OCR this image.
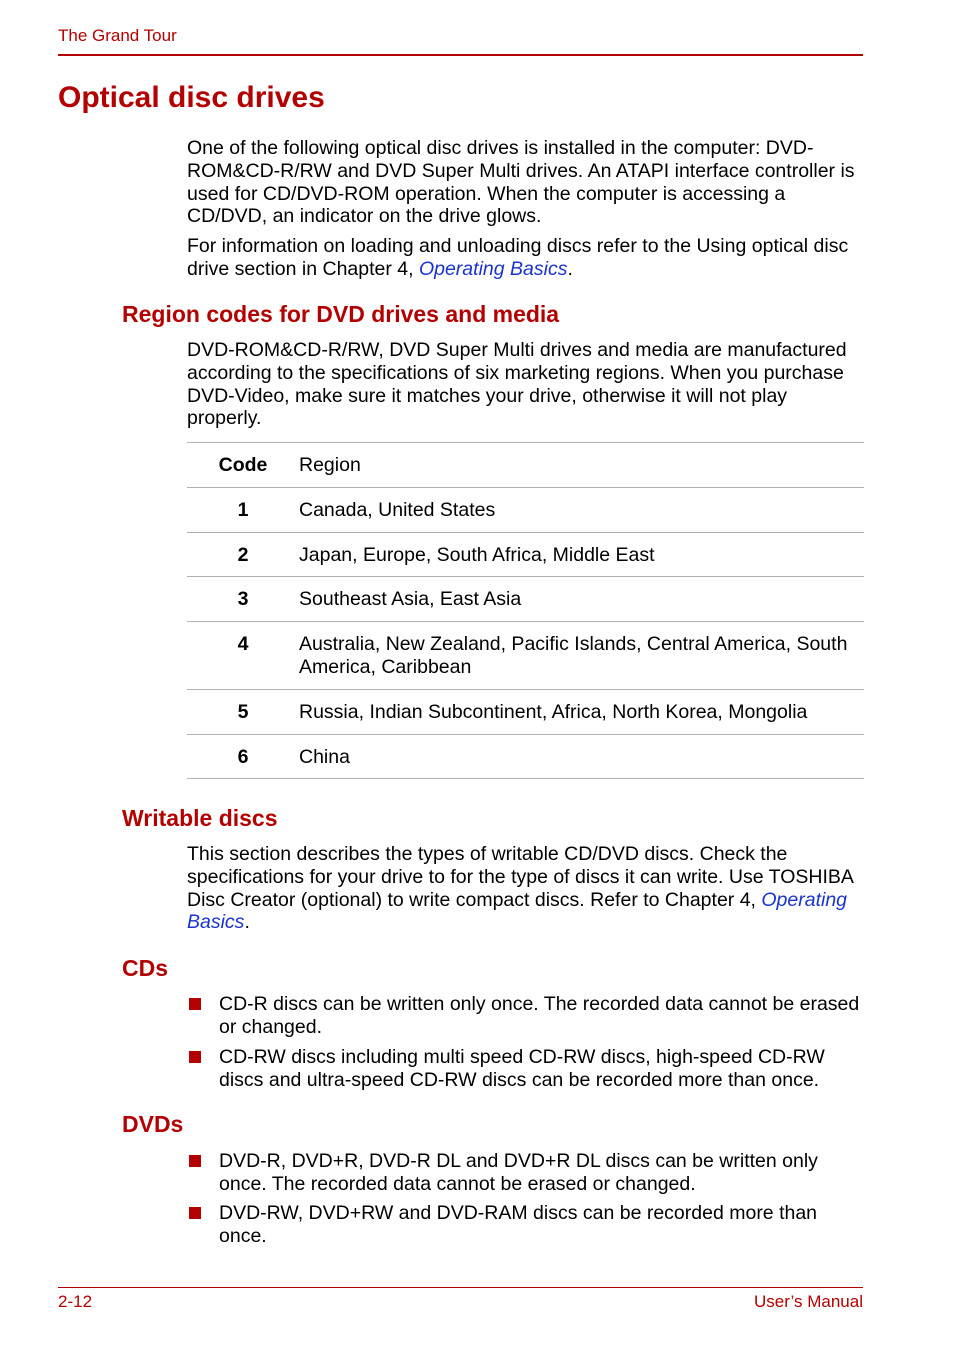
The Grand Tour
Optical disc drives

One of the following optical disc drives is installed in the computer: DVD-ROM&CD-R/RW and DVD Super Multi drives. An ATAPI interface controller is used for CD/DVD-ROM operation. When the computer is accessing a CD/DVD, an indicator on the drive glows.

For information on loading and unloading discs refer to the Using optical disc drive section in Chapter 4, Operating Basics.

Region codes for DVD drives and media

DVD-ROM&CD-R/RW, DVD Super Multi drives and media are manufactured according to the specifications of six marketing regions. When you purchase DVD-Video, make sure it matches your drive, otherwise it will not play properly.

Code	Region
1	Canada, United States
2	Japan, Europe, South Africa, Middle East
3	Southeast Asia, East Asia
4	Australia, New Zealand, Pacific Islands, Central America, South America, Caribbean
5	Russia, Indian Subcontinent, Africa, North Korea, Mongolia
6	China
Writable discs

This section describes the types of writable CD/DVD discs. Check the specifications for your drive to for the type of discs it can write. Use TOSHIBA Disc Creator (optional) to write compact discs. Refer to Chapter 4, Operating Basics.

CDs
CD-R discs can be written only once. The recorded data cannot be erased or changed.
CD-RW discs including multi speed CD-RW discs, high-speed CD-RW discs and ultra-speed CD-RW discs can be recorded more than once.
DVDs
DVD-R, DVD+R, DVD-R DL and DVD+R DL discs can be written only once. The recorded data cannot be erased or changed.
DVD-RW, DVD+RW and DVD-RAM discs can be recorded more than once.
2-12	User’s Manual
